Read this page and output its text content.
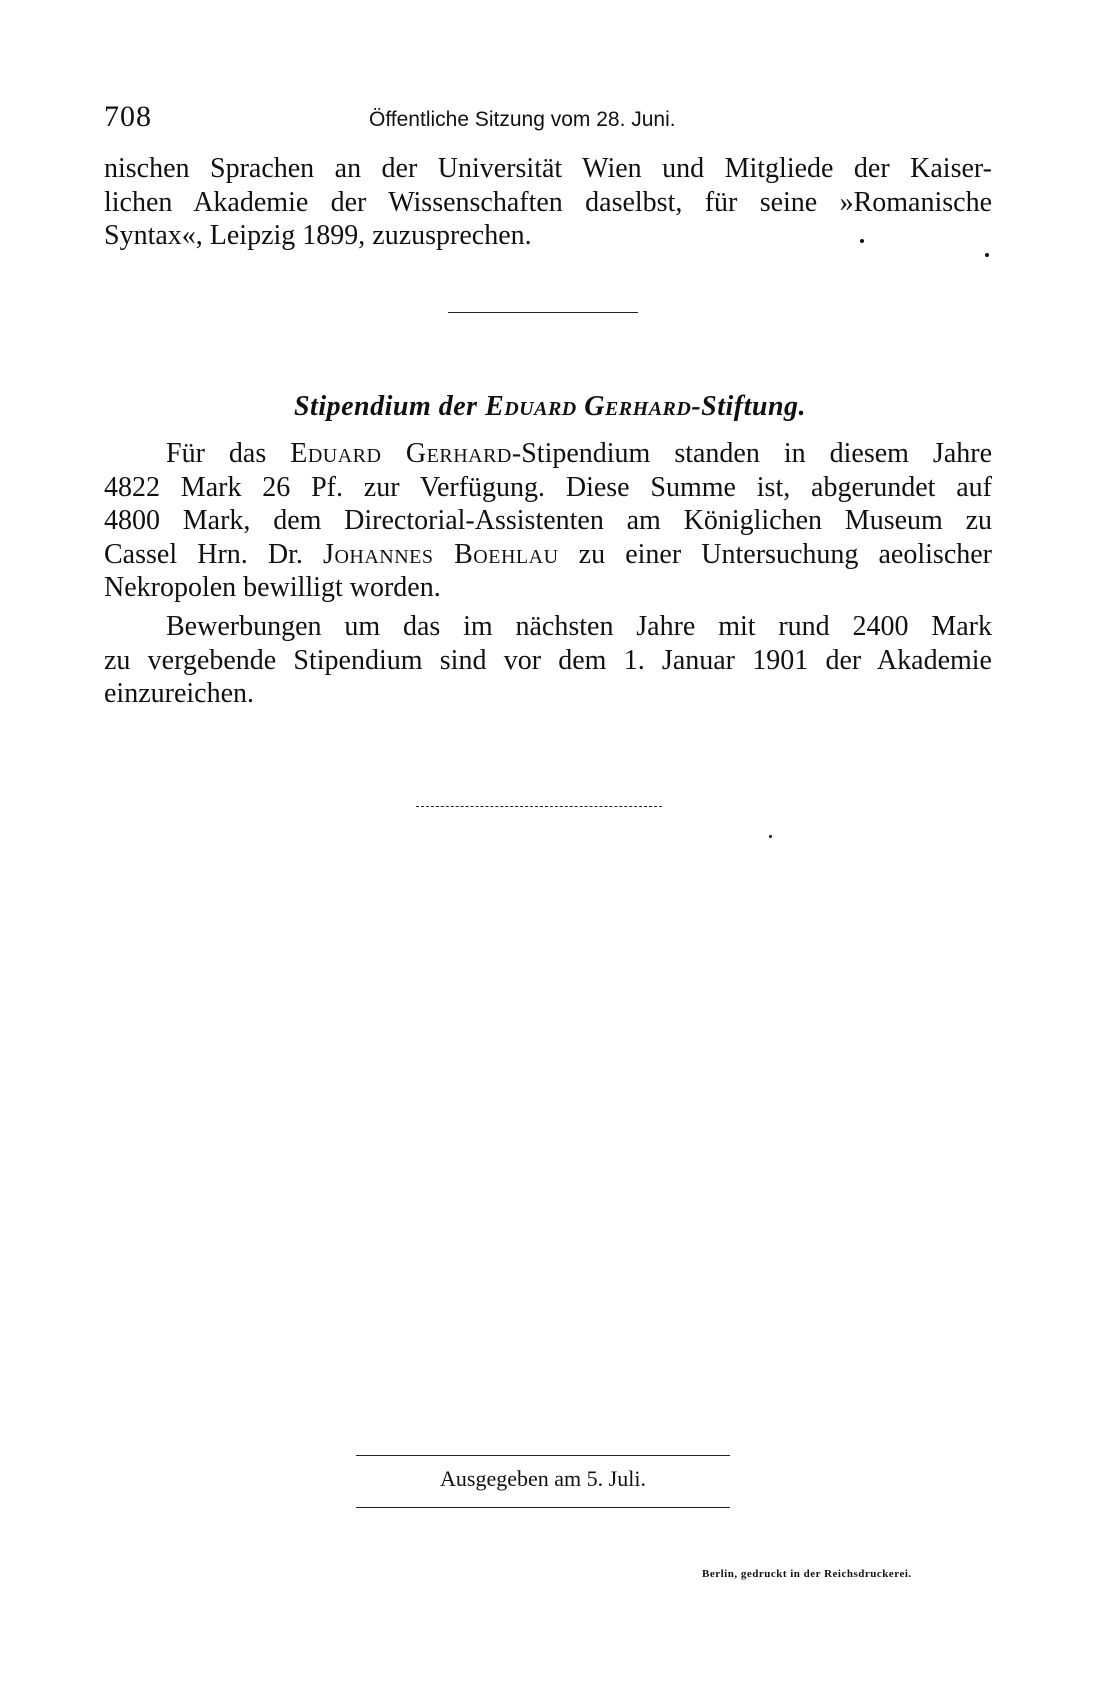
708	Öffentliche Sitzung vom 28. Juni.

nischen Sprachen an der Universität Wien und Mitgliede der Kaiser-
lichen Akademie der Wissenschaften daselbst, für seine »Romanische
Syntax«, Leipzig 1899, zuzusprechen.

Stipendium der Eduard Gerhard-Stiftung.

Für das Eduard Gerhard-Stipendium standen in diesem Jahre
4822 Mark 26 Pf. zur Verfügung. Diese Summe ist, abgerundet auf
4800 Mark, dem Directorial-Assistenten am Königlichen Museum zu
Cassel Hrn. Dr. Johannes Boehlau zu einer Untersuchung aeolischer
Nekropolen bewilligt worden.

Bewerbungen um das im nächsten Jahre mit rund 2400 Mark
zu vergebende Stipendium sind vor dem 1. Januar 1901 der Akademie
einzureichen.

Ausgegeben am 5. Juli.
Berlin, gedruckt in der Reichsdruckerei.
